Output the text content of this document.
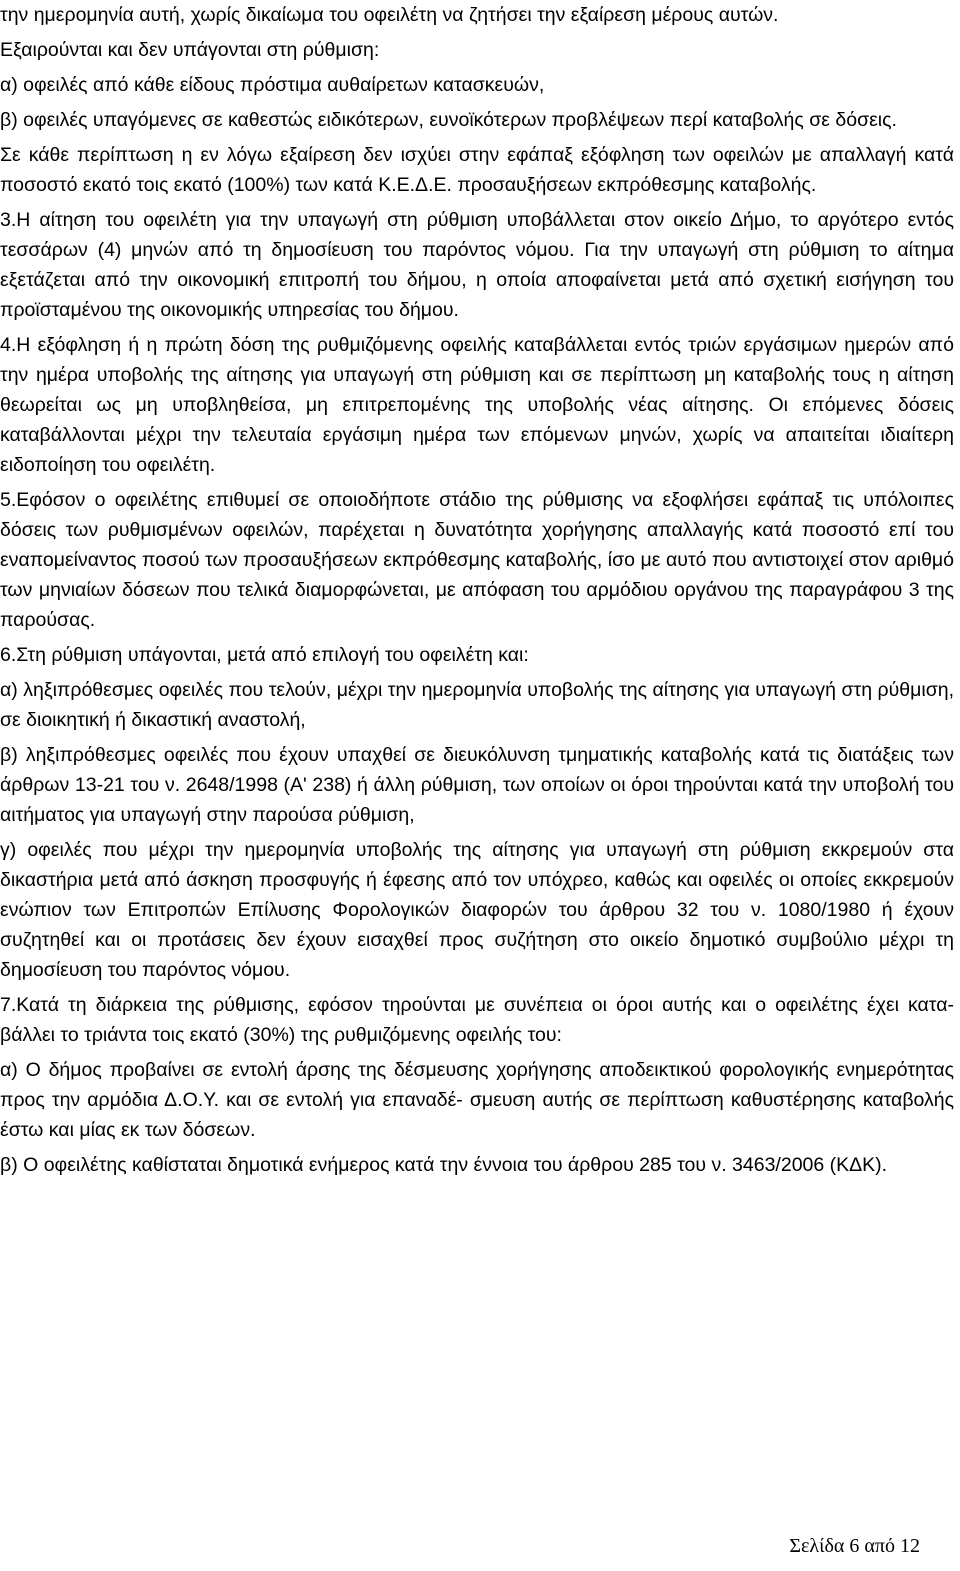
την ημερομηνία αυτή, χωρίς δικαίωμα του οφειλέτη να ζητήσει την εξαίρεση μέρους αυτών.

Εξαιρούνται και δεν υπάγονται στη ρύθμιση:

α) οφειλές από κάθε είδους πρόστιμα αυθαίρετων κατασκευών,

β) οφειλές υπαγόμενες σε καθεστώς ειδικότερων, ευνοϊκότερων προβλέψεων περί καταβολής σε δόσεις.

Σε κάθε περίπτωση η εν λόγω εξαίρεση δεν ισχύει στην εφάπαξ εξόφληση των οφειλών με απαλλαγή κατά ποσοστό εκατό τοις εκατό (100%) των κατά Κ.Ε.Δ.Ε. προσαυξήσεων εκπρόθεσμης καταβολής.

3.Η αίτηση του οφειλέτη για την υπαγωγή στη ρύθμιση υποβάλλεται στον οικείο Δήμο, το αργότερο εντός τεσσάρων (4) μηνών από τη δημοσίευση του παρόντος νόμου. Για την υπαγωγή στη ρύθμιση το αίτημα εξετάζεται από την οικονομική επιτροπή του δήμου, η οποία αποφαίνεται μετά από σχετική εισήγηση του προϊσταμένου της οικονομικής υπηρεσίας του δήμου.

4.Η εξόφληση ή η πρώτη δόση της ρυθμιζόμενης οφειλής καταβάλλεται εντός τριών εργάσιμων ημερών από την ημέρα υποβολής της αίτησης για υπαγωγή στη ρύθμιση και σε περίπτωση μη καταβολής τους η αίτηση θεωρείται ως μη υποβληθείσα, μη επιτρεπομένης της υποβολής νέας αίτησης. Οι επόμενες δόσεις καταβάλλονται μέχρι την τελευταία εργάσιμη ημέρα των επόμενων μηνών, χωρίς να απαιτείται ιδιαίτερη ειδοποίηση του οφειλέτη.

5.Εφόσον ο οφειλέτης επιθυμεί σε οποιοδήποτε στάδιο της ρύθμισης να εξοφλήσει εφάπαξ τις υπόλοιπες δόσεις των ρυθμισμένων οφειλών, παρέχεται η δυνατότητα χορήγησης απαλλαγής κατά ποσοστό επί του εναπομείναντος ποσού των προσαυξήσεων εκπρόθεσμης καταβολής, ίσο με αυτό που αντιστοιχεί στον αριθμό των μηνιαίων δόσεων που τελικά διαμορφώνεται, με απόφαση του αρμόδιου οργάνου της παραγράφου 3 της παρούσας.

6.Στη ρύθμιση υπάγονται, μετά από επιλογή του οφειλέτη και:

α) ληξιπρόθεσμες οφειλές που τελούν, μέχρι την ημερομηνία υποβολής της αίτησης για υπαγωγή στη ρύθμιση, σε διοικητική ή δικαστική αναστολή,

β) ληξιπρόθεσμες οφειλές που έχουν υπαχθεί σε διευκόλυνση τμηματικής καταβολής κατά τις διατάξεις των άρθρων 13-21 του ν. 2648/1998 (Α' 238) ή άλλη ρύθμιση, των οποίων οι όροι τηρούνται κατά την υποβολή του αιτήματος για υπαγωγή στην παρούσα ρύθμιση,

γ) οφειλές που μέχρι την ημερομηνία υποβολής της αίτησης για υπαγωγή στη ρύθμιση εκκρεμούν στα δικαστήρια μετά από άσκηση προσφυγής ή έφεσης από τον υπόχρεο, καθώς και οφειλές οι οποίες εκκρεμούν ενώπιον των Επιτροπών Επίλυσης Φορολογικών διαφορών του άρθρου 32 του ν. 1080/1980 ή έχουν συζητηθεί και οι προτάσεις δεν έχουν εισαχθεί προς συζήτηση στο οικείο δημοτικό συμβούλιο μέχρι τη δημοσίευση του παρόντος νόμου.

7.Κατά τη διάρκεια της ρύθμισης, εφόσον τηρούνται με συνέπεια οι όροι αυτής και ο οφειλέτης έχει κατα- βάλλει το τριάντα τοις εκατό (30%) της ρυθμιζόμενης οφειλής του:

α) Ο δήμος προβαίνει σε εντολή άρσης της δέσμευσης χορήγησης αποδεικτικού φορολογικής ενημερότητας προς την αρμόδια Δ.Ο.Υ. και σε εντολή για επαναδέ- σμευση αυτής σε περίπτωση καθυστέρησης καταβολής έστω και μίας εκ των δόσεων.

β) Ο οφειλέτης καθίσταται δημοτικά ενήμερος κατά την έννοια του άρθρου 285 του ν. 3463/2006 (ΚΔΚ).

Σελίδα 6 από 12
